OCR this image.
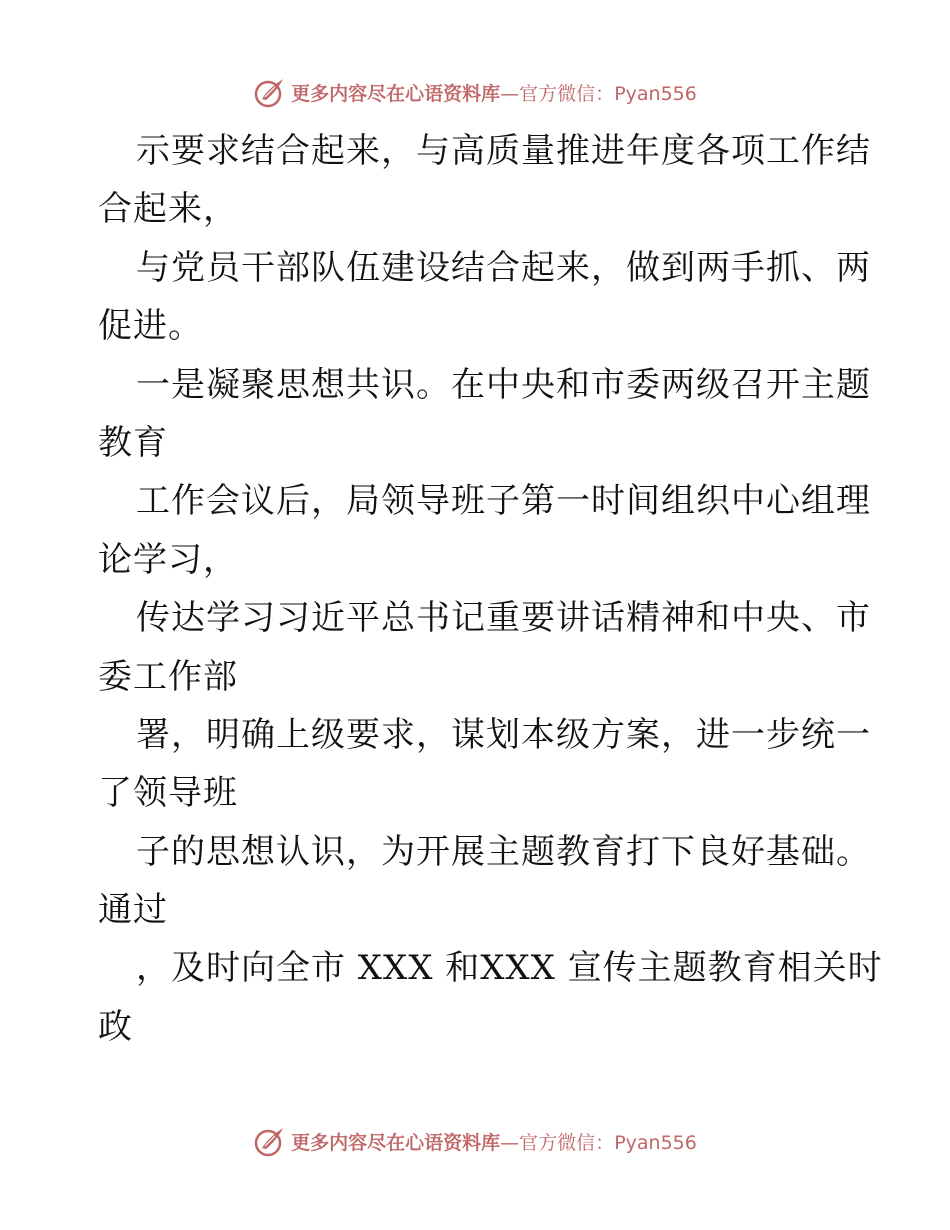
更多内容尽在心语资料库—官方微信：Pyan556
示要求结合起来，与高质量推进年度各项工作结
合起来，
与党员干部队伍建设结合起来，做到两手抓、两
促进。
一是凝聚思想共识。在中央和市委两级召开主题
教育
工作会议后，局领导班子第一时间组织中心组理
论学习，
传达学习习近平总书记重要讲话精神和中央、市
委工作部
署，明确上级要求，谋划本级方案，进一步统一
了领导班
子的思想认识，为开展主题教育打下良好基础。
通过
，及时向全市 XXX 和XXX 宣传主题教育相关时
政
更多内容尽在心语资料库—官方微信：Pyan556
